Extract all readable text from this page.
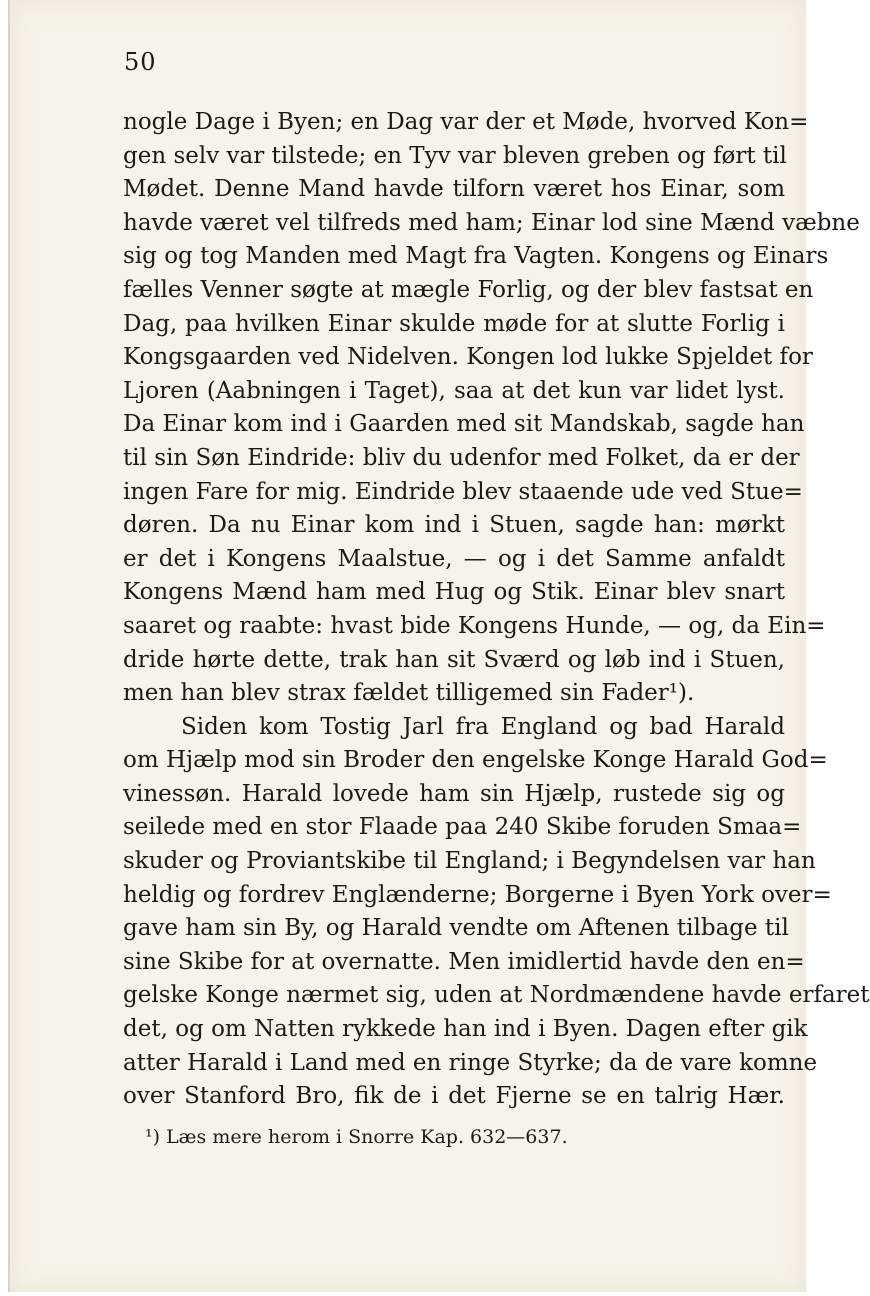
50
nogle Dage i Byen; en Dag var der et Møde, hvorved Kon=
gen selv var tilstede; en Tyv var bleven greben og ført til
Mødet. Denne Mand havde tilforn været hos Einar, som
havde været vel tilfreds med ham; Einar lod sine Mænd væbne
sig og tog Manden med Magt fra Vagten. Kongens og Einars
fælles Venner søgte at mægle Forlig, og der blev fastsat en
Dag, paa hvilken Einar skulde møde for at slutte Forlig i
Kongsgaarden ved Nidelven. Kongen lod lukke Spjeldet for
Ljoren (Aabningen i Taget), saa at det kun var lidet lyst.
Da Einar kom ind i Gaarden med sit Mandskab, sagde han
til sin Søn Eindride: bliv du udenfor med Folket, da er der
ingen Fare for mig. Eindride blev staaende ude ved Stue=
døren. Da nu Einar kom ind i Stuen, sagde han: mørkt
er det i Kongens Maalstue, — og i det Samme anfaldt
Kongens Mænd ham med Hug og Stik. Einar blev snart
saaret og raabte: hvast bide Kongens Hunde, — og, da Ein=
dride hørte dette, trak han sit Sværd og løb ind i Stuen,
men han blev strax fældet tilligemed sin Fader¹).
Siden kom Tostig Jarl fra England og bad Harald
om Hjælp mod sin Broder den engelske Konge Harald God=
vinessøn. Harald lovede ham sin Hjælp, rustede sig og
seilede med en stor Flaade paa 240 Skibe foruden Smaa=
skuder og Proviantskibe til England; i Begyndelsen var han
heldig og fordrev Englænderne; Borgerne i Byen York over=
gave ham sin By, og Harald vendte om Aftenen tilbage til
sine Skibe for at overnatte. Men imidlertid havde den en=
gelske Konge nærmet sig, uden at Nordmændene havde erfaret
det, og om Natten rykkede han ind i Byen. Dagen efter gik
atter Harald i Land med en ringe Styrke; da de vare komne
over Stanford Bro, fik de i det Fjerne se en talrig Hær.
¹) Læs mere herom i Snorre Kap. 632—637.
